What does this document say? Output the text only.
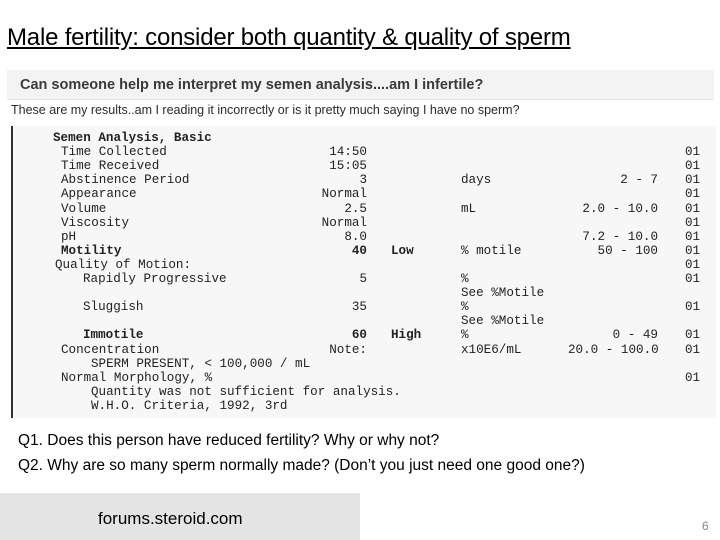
Male fertility: consider both quantity & quality of sperm
Can someone help me interpret my semen analysis....am I infertile?
These are my results..am I reading it incorrectly or is it pretty much saying I have no sperm?
Semen Analysis, Basic
Time Collected	14:50	01
Time Received	15:05	01
Abstinence Period	3	days	2 - 7 01
Appearance	Normal	01
Volume	2.5	mL	2.0 - 10.0 01
Viscosity	Normal	01
pH	8.0	7.2 - 10.0 01
Motility	40 Low	% motile	50 - 100 01
Quality of Motion:	01
Rapidly Progressive	5	%	01
See %Motile
Sluggish	35	%	01
See %Motile
Immotile	60 High	%	0 - 49 01
Concentration	Note:	x10E6/mL	20.0 - 100.0 01
SPERM PRESENT, < 100,000 / mL
Normal Morphology, %	01
Quantity was not sufficient for analysis.
W.H.O. Criteria, 1992, 3rd
Q1. Does this person have reduced fertility? Why or why not?
Q2. Why are so many sperm normally made? (Don’t you just need one good one?)
forums.steroid.com	6
